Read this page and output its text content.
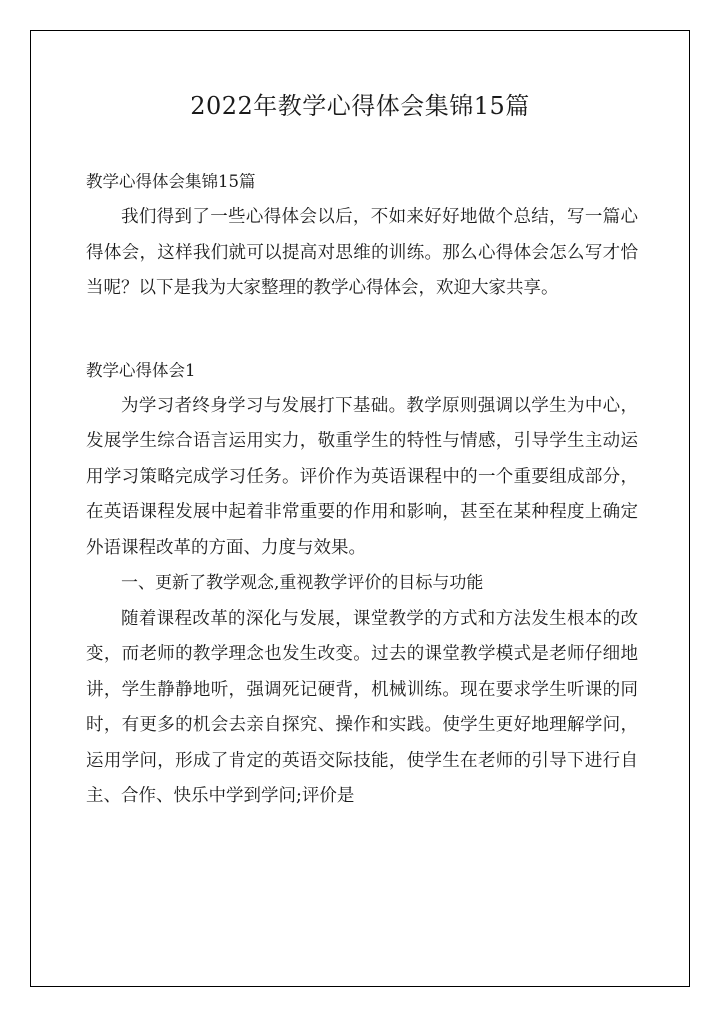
2022年教学心得体会集锦15篇

教学心得体会集锦15篇

我们得到了一些心得体会以后，不如来好好地做个总结，写一篇心得体会，这样我们就可以提高对思维的训练。那么心得体会怎么写才恰当呢？以下是我为大家整理的教学心得体会，欢迎大家共享。

教学心得体会1

为学习者终身学习与发展打下基础。教学原则强调以学生为中心，发展学生综合语言运用实力，敬重学生的特性与情感，引导学生主动运用学习策略完成学习任务。评价作为英语课程中的一个重要组成部分，在英语课程发展中起着非常重要的作用和影响，甚至在某种程度上确定外语课程改革的方面、力度与效果。

一、更新了教学观念,重视教学评价的目标与功能

随着课程改革的深化与发展，课堂教学的方式和方法发生根本的改变，而老师的教学理念也发生改变。过去的课堂教学模式是老师仔细地讲，学生静静地听，强调死记硬背，机械训练。现在要求学生听课的同时，有更多的机会去亲自探究、操作和实践。使学生更好地理解学问，运用学问，形成了肯定的英语交际技能，使学生在老师的引导下进行自主、合作、快乐中学到学问;评价是
